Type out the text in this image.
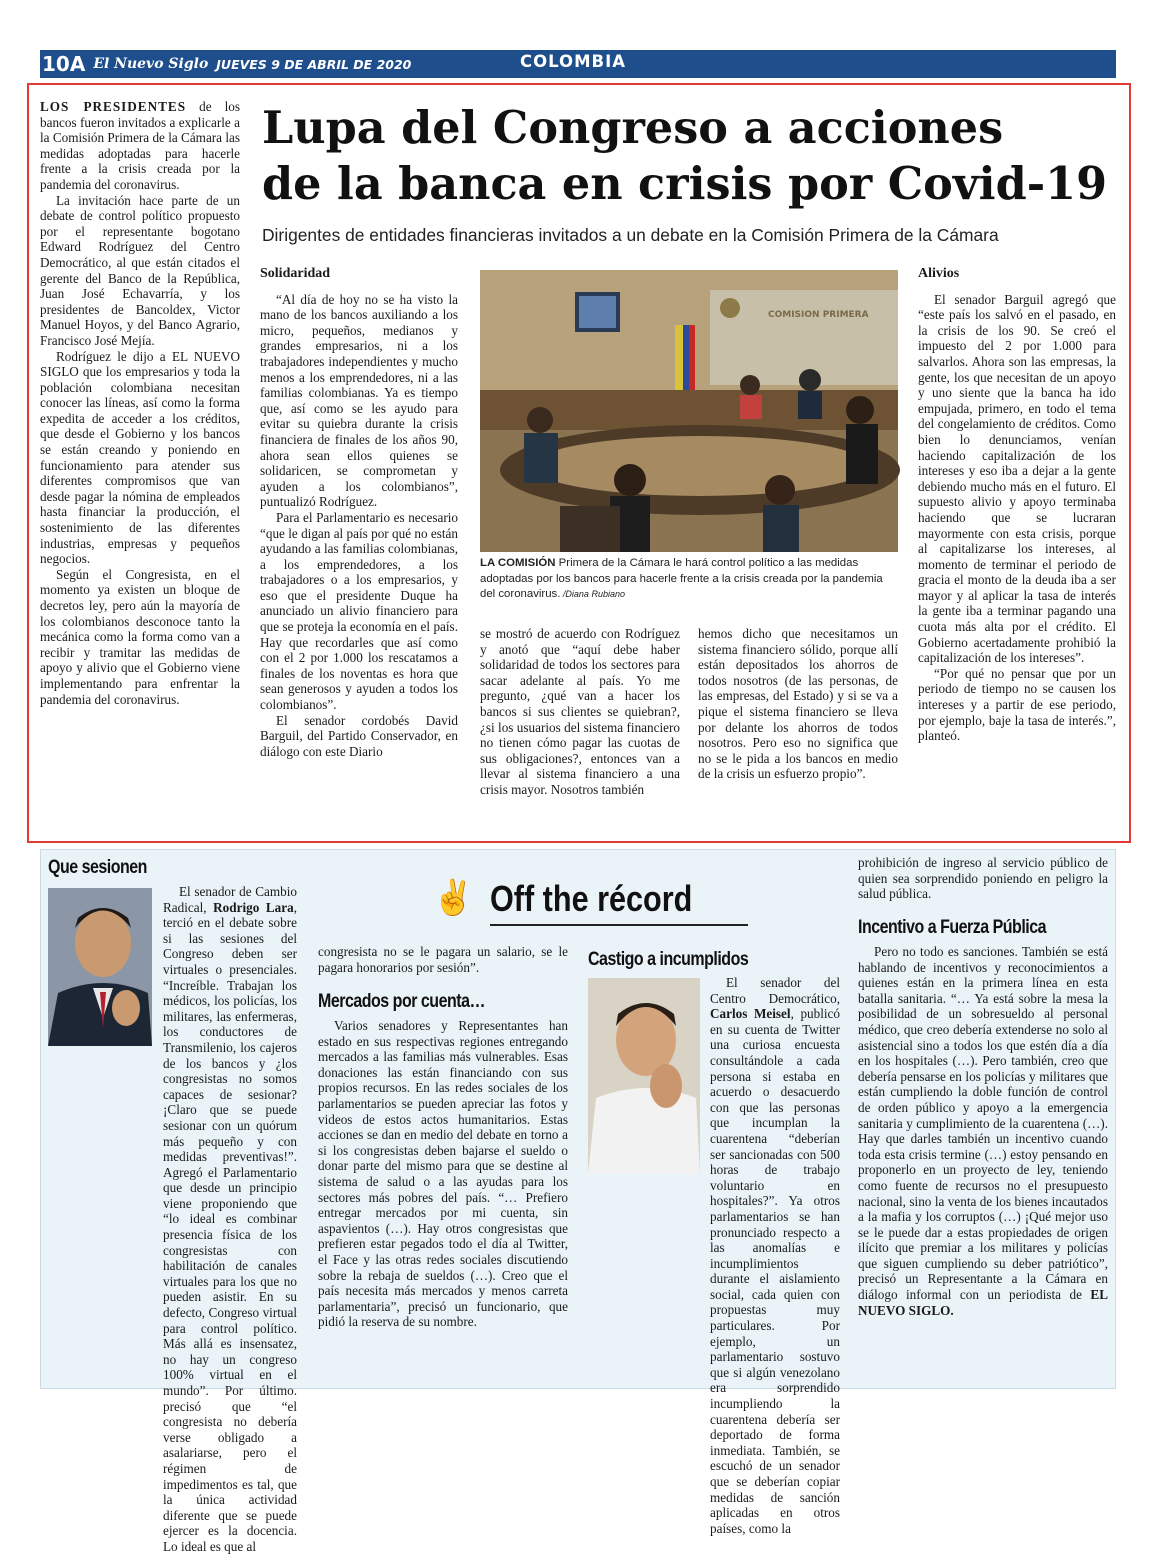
10A El Nuevo Siglo JUEVES 9 DE ABRIL DE 2020	COLOMBIA
Lupa del Congreso a acciones
de la banca en crisis por Covid-19
Dirigentes de entidades financieras invitados a un debate en la Comisión Primera de la Cámara

LOS PRESIDENTES de los bancos fueron invitados a explicarle a la Comisión Primera de la Cámara las medidas adoptadas para hacerle frente a la crisis creada por la pandemia del coronavirus.

La invitación hace parte de un debate de control político propuesto por el representante bogotano Edward Rodríguez del Centro Democrático, al que están citados el gerente del Banco de la República, Juan José Echavarría, y los presidentes de Bancoldex, Victor Manuel Hoyos, y del Banco Agrario, Francisco José Mejía.

Rodríguez le dijo a EL NUEVO SIGLO que los empresarios y toda la población colombiana necesitan conocer las líneas, así como la forma expedita de acceder a los créditos, que desde el Gobierno y los bancos se están creando y poniendo en funcionamiento para atender sus diferentes compromisos que van desde pagar la nómina de empleados hasta financiar la producción, el sostenimiento de las diferentes industrias, empresas y pequeños negocios.

Según el Congresista, en el momento ya existen un bloque de decretos ley, pero aún la mayoría de los colombianos desconoce tanto la mecánica como la forma como van a recibir y tramitar las medidas de apoyo y alivio que el Gobierno viene implementando para enfrentar la pandemia del coronavirus.

Solidaridad

“Al día de hoy no se ha visto la mano de los bancos auxiliando a los micro, pequeños, medianos y grandes empresarios, ni a los trabajadores independientes y mucho menos a los emprendedores, ni a las familias colombianas. Ya es tiempo que, así como se les ayudo para evitar su quiebra durante la crisis financiera de finales de los años 90, ahora sean ellos quienes se solidaricen, se comprometan y ayuden a los colombianos”, puntualizó Rodríguez.

Para el Parlamentario es necesario “que le digan al país por qué no están ayudando a las familias colombianas, a los emprendedores, a los trabajadores o a los empresarios, y eso que el presidente Duque ha anunciado un alivio financiero para que se proteja la economía en el país. Hay que recordarles que así como con el 2 por 1.000 los rescatamos a finales de los noventas es hora que sean generosos y ayuden a todos los colombianos”.

El senador cordobés David Barguil, del Partido Conservador, en diálogo con este Diario

COMISION PRIMERA
LA COMISIÓN Primera de la Cámara le hará control político a las medidas adoptadas por los bancos para hacerle frente a la crisis creada por la pandemia del coronavirus. /Diana Rubiano

se mostró de acuerdo con Rodríguez y anotó que “aquí debe haber solidaridad de todos los sectores para sacar adelante al país. Yo me pregunto, ¿qué van a hacer los bancos si sus clientes se quiebran?, ¿si los usuarios del sistema financiero no tienen cómo pagar las cuotas de sus obligaciones?, entonces van a llevar al sistema financiero a una crisis mayor. Nosotros también

hemos dicho que necesitamos un sistema financiero sólido, porque allí están depositados los ahorros de todos nosotros (de las personas, de las empresas, del Estado) y si se va a pique el sistema financiero se lleva por delante los ahorros de todos nosotros. Pero eso no significa que no se le pida a los bancos en medio de la crisis un esfuerzo propio”.

Alivios

El senador Barguil agregó que “este país los salvó en el pasado, en la crisis de los 90. Se creó el impuesto del 2 por 1.000 para salvarlos. Ahora son las empresas, la gente, los que necesitan de un apoyo y uno siente que la banca ha ido empujada, primero, en todo el tema del congelamiento de créditos. Como bien lo denunciamos, venían haciendo capitalización de los intereses y eso iba a dejar a la gente debiendo mucho más en el futuro. El supuesto alivio y apoyo terminaba haciendo que se lucraran mayormente con esta crisis, porque al capitalizarse los intereses, al momento de terminar el periodo de gracia el monto de la deuda iba a ser mayor y al aplicar la tasa de interés la gente iba a terminar pagando una cuota más alta por el crédito. El Gobierno acertadamente prohibió la capitalización de los intereses”.

“Por qué no pensar que por un periodo de tiempo no se causen los intereses y a partir de ese periodo, por ejemplo, baje la tasa de interés.”, planteó.

Que sesionen

El senador de Cambio Radical, Rodrigo Lara, terció en el debate sobre si las sesiones del Congreso deben ser virtuales o presenciales. “Increíble. Trabajan los médicos, los policías, los militares, las enfermeras, los conductores de Transmilenio, los cajeros de los bancos y ¿los congresistas no somos capaces de sesionar? ¡Claro que se puede sesionar con un quórum más pequeño y con medidas preventivas!”. Agregó el Parlamentario que desde un principio viene proponiendo que “lo ideal es combinar presencia física de los congresistas con habilitación de canales virtuales para los que no pueden asistir. En su defecto, Congreso virtual para control político. Más allá es insensatez, no hay un congreso 100% virtual en el mundo”. Por último. precisó que “el congresista no debería verse obligado a asalariarse, pero el régimen de impedimentos es tal, que la única actividad diferente que se puede ejercer es la docencia. Lo ideal es que al

✌ Off the récord

congresista no se le pagara un salario, se le pagara honorarios por sesión”.

Mercados por cuenta…

Varios senadores y Representantes han estado en sus respectivas regiones entregando mercados a las familias más vulnerables. Esas donaciones las están financiando con sus propios recursos. En las redes sociales de los parlamentarios se pueden apreciar las fotos y videos de estos actos humanitarios. Estas acciones se dan en medio del debate en torno a si los congresistas deben bajarse el sueldo o donar parte del mismo para que se destine al sistema de salud o a las ayudas para los sectores más pobres del país. “… Prefiero entregar mercados por mi cuenta, sin aspavientos (…). Hay otros congresistas que prefieren estar pegados todo el día al Twitter, el Face y las otras redes sociales discutiendo sobre la rebaja de sueldos (…). Creo que el país necesita más mercados y menos carreta parlamentaria”, precisó un funcionario, que pidió la reserva de su nombre.

Castigo a incumplidos

El senador del Centro Democrático, Carlos Meisel, publicó en su cuenta de Twitter una curiosa encuesta consultándole a cada persona si estaba en acuerdo o desacuerdo con que las personas que incumplan la cuarentena “deberían ser sancionadas con 500 horas de trabajo voluntario en hospitales?”. Ya otros parlamentarios se han pronunciado respecto a las anomalías e incumplimientos durante el aislamiento social, cada quien con propuestas muy particulares. Por ejemplo, un parlamentario sostuvo que si algún venezolano era sorprendido incumpliendo la cuarentena debería ser deportado de forma inmediata. También, se escuchó de un senador que se deberían copiar medidas de sanción aplicadas en otros países, como la

prohibición de ingreso al servicio público de quien sea sorprendido poniendo en peligro la salud pública.

Incentivo a Fuerza Pública

Pero no todo es sanciones. También se está hablando de incentivos y reconocimientos a quienes están en la primera línea en esta batalla sanitaria. “… Ya está sobre la mesa la posibilidad de un sobresueldo al personal médico, que creo debería extenderse no solo al asistencial sino a todos los que estén día a día en los hospitales (…). Pero también, creo que debería pensarse en los policías y militares que están cumpliendo la doble función de control de orden público y apoyo a la emergencia sanitaria y cumplimiento de la cuarentena (…). Hay que darles también un incentivo cuando toda esta crisis termine (…) estoy pensando en proponerlo en un proyecto de ley, teniendo como fuente de recursos no el presupuesto nacional, sino la venta de los bienes incautados a la mafia y los corruptos (…) ¡Qué mejor uso se le puede dar a estas propiedades de origen ilícito que premiar a los militares y policías que siguen cumpliendo su deber patriótico”, precisó un Representante a la Cámara en diálogo informal con un periodista de EL NUEVO SIGLO.
